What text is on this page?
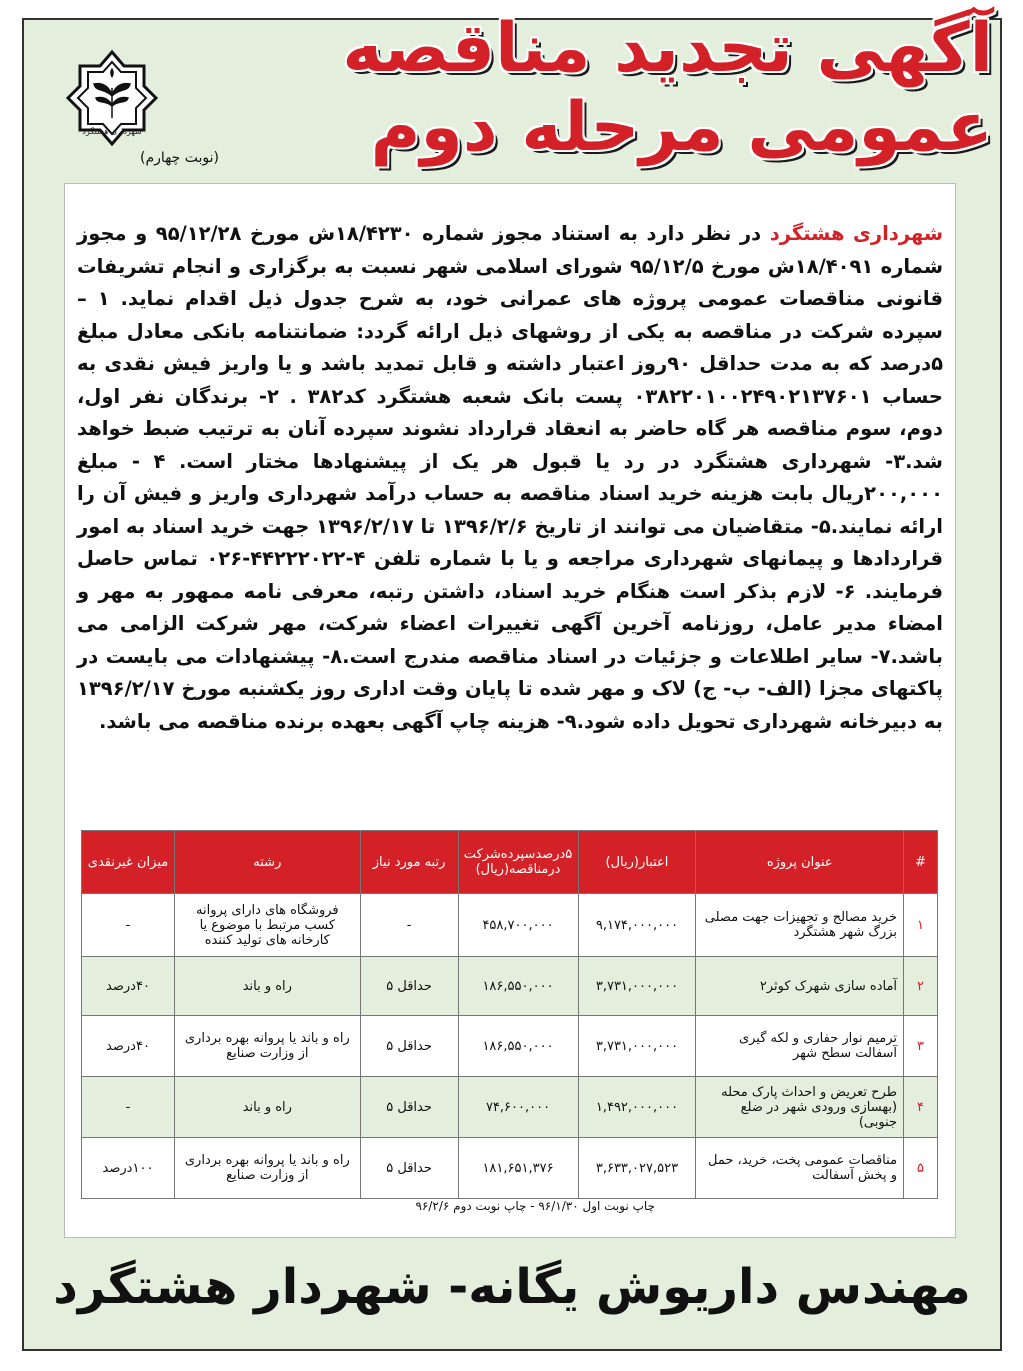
شهرداری هشتگرد
(نوبت چهارم)
آگهی تجدید مناقصه عمومی مرحله دوم
شهرداری هشتگرد در نظر دارد به استناد مجوز شماره ۱۸/۴۲۳۰ش مورخ ۹۵/۱۲/۲۸ و مجوز شماره ۱۸/۴۰۹۱ش مورخ ۹۵/۱۲/۵ شورای اسلامی شهر نسبت به برگزاری و انجام تشریفات قانونی مناقصات عمومی پروژه های عمرانی خود، به شرح جدول ذیل اقدام نماید. ۱ – سپرده شرکت در مناقصه به یکی از روشهای ذیل ارائه گردد: ضمانتنامه بانکی معادل مبلغ ۵درصد که به مدت حداقل ۹۰روز اعتبار داشته و قابل تمدید باشد و یا واریز فیش نقدی به حساب ۰۳۸۲۲۰۱۰۰۲۴۹۰۲۱۳۷۶۰۱ پست بانک شعبه هشتگرد کد۳۸۲ . ۲- برندگان نفر اول، دوم، سوم مناقصه هر گاه حاضر به انعقاد قرارداد نشوند سپرده آنان به ترتیب ضبط خواهد شد.۳- شهرداری هشتگرد در رد یا قبول هر یک از پیشنهادها مختار است. ۴ - مبلغ ۲۰۰,۰۰۰ریال بابت هزینه خرید اسناد مناقصه به حساب درآمد شهرداری واریز و فیش آن را ارائه نمایند.۵- متقاضیان می توانند از تاریخ ۱۳۹۶/۲/۶ تا ۱۳۹۶/۲/۱۷ جهت خرید اسناد به امور قراردادها و پیمانهای شهرداری مراجعه و یا با شماره تلفن ۴-۴۴۲۲۲۰۲۲-۰۲۶ تماس حاصل فرمایند. ۶- لازم بذکر است هنگام خرید اسناد، داشتن رتبه، معرفی نامه ممهور به مهر و امضاء مدیر عامل، روزنامه آخرین آگهی تغییرات اعضاء شرکت، مهر شرکت الزامی می باشد.۷- سایر اطلاعات و جزئیات در اسناد مناقصه مندرج است.۸- پیشنهادات می بایست در پاکتهای مجزا (الف- ب- ج) لاک و مهر شده تا پایان وقت اداری روز یکشنبه مورخ ۱۳۹۶/۲/۱۷ به دبیرخانه شهرداری تحویل داده شود.۹- هزینه چاپ آگهی بعهده برنده مناقصه می باشد.
#	عنوان پروژه	اعتبار(ریال)	۵درصدسپرده‌شرکت درمناقصه(ریال)	رتبه مورد نیاز	رشته	میزان غیرنقدی
۱	خرید مصالح و تجهیزات جهت مصلی بزرگ شهر هشتگرد	۹,۱۷۴,۰۰۰,۰۰۰	۴۵۸,۷۰۰,۰۰۰	-	فروشگاه های دارای پروانه کسب مرتبط با موضوع یا کارخانه های تولید کننده	-
۲	آماده سازی شهرک کوثر۲	۳,۷۳۱,۰۰۰,۰۰۰	۱۸۶,۵۵۰,۰۰۰	حداقل ۵	راه و باند	۴۰درصد
۳	ترمیم نوار حفاری و لکه گیری آسفالت سطح شهر	۳,۷۳۱,۰۰۰,۰۰۰	۱۸۶,۵۵۰,۰۰۰	حداقل ۵	راه و باند یا پروانه بهره برداری از وزارت صنایع	۴۰درصد
۴	طرح تعریض و احداث پارک محله (بهسازی ورودی شهر در ضلع جنوبی)	۱,۴۹۲,۰۰۰,۰۰۰	۷۴,۶۰۰,۰۰۰	حداقل ۵	راه و باند	-
۵	مناقصات عمومی پخت، خرید، حمل و پخش آسفالت	۳,۶۳۳,۰۲۷,۵۲۳	۱۸۱,۶۵۱,۳۷۶	حداقل ۵	راه و باند یا پروانه بهره برداری از وزارت صنایع	۱۰۰درصد
چاپ نوبت اول ۹۶/۱/۳۰ - چاپ نوبت دوم ۹۶/۲/۶
مهندس داریوش یگانه- شهردار هشتگرد
